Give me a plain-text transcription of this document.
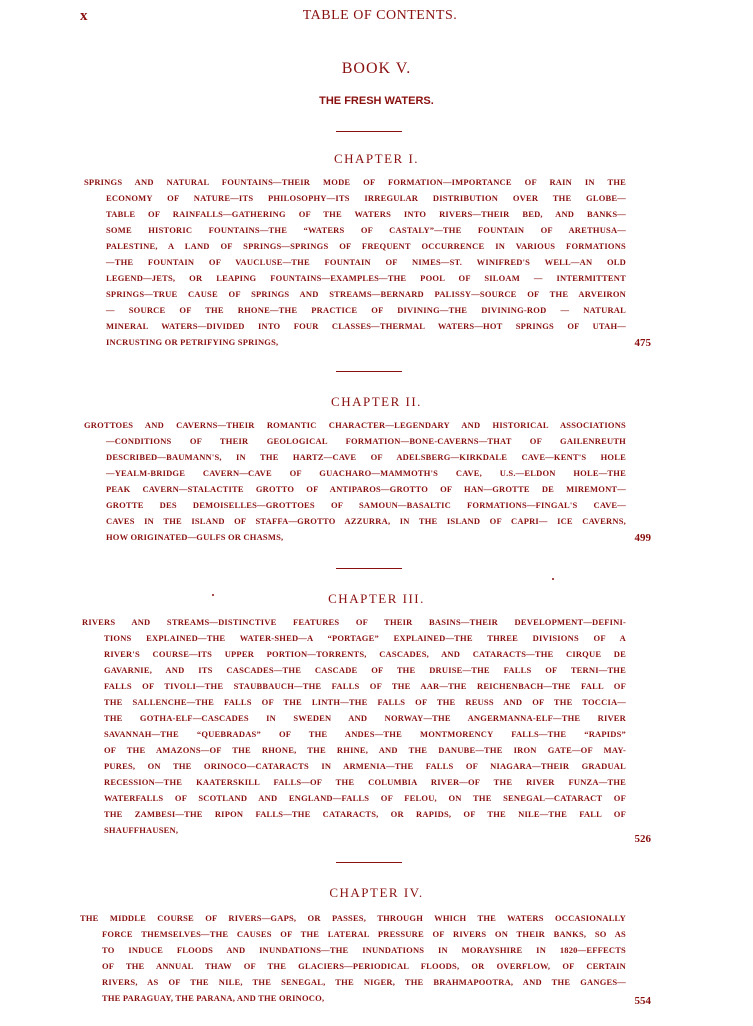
x	TABLE OF CONTENTS.
BOOK V.
THE FRESH WATERS.
CHAPTER I.
SPRINGS AND NATURAL FOUNTAINS—THEIR MODE OF FORMATION—IMPORTANCE OF RAIN IN THE
ECONOMY OF NATURE—ITS PHILOSOPHY—ITS IRREGULAR DISTRIBUTION OVER THE GLOBE—
TABLE OF RAINFALLS—GATHERING OF THE WATERS INTO RIVERS—THEIR BED, AND BANKS—
SOME HISTORIC FOUNTAINS—THE “WATERS OF CASTALY”—THE FOUNTAIN OF ARETHUSA—
PALESTINE, A LAND OF SPRINGS—SPRINGS OF FREQUENT OCCURRENCE IN VARIOUS FORMATIONS
—THE FOUNTAIN OF VAUCLUSE—THE FOUNTAIN OF NIMES—ST. WINIFRED'S WELL—AN OLD
LEGEND—JETS, OR LEAPING FOUNTAINS—EXAMPLES—THE POOL OF SILOAM — INTERMITTENT
SPRINGS—TRUE CAUSE OF SPRINGS AND STREAMS—BERNARD PALISSY—SOURCE OF THE ARVEIRON
— SOURCE OF THE RHONE—THE PRACTICE OF DIVINING—THE DIVINING-ROD — NATURAL
MINERAL WATERS—DIVIDED INTO FOUR CLASSES—THERMAL WATERS—HOT SPRINGS OF UTAH—
INCRUSTING OR PETRIFYING SPRINGS,	475
CHAPTER II.
GROTTOES AND CAVERNS—THEIR ROMANTIC CHARACTER—LEGENDARY AND HISTORICAL ASSOCIATIONS
—CONDITIONS OF THEIR GEOLOGICAL FORMATION—BONE-CAVERNS—THAT OF GAILENREUTH
DESCRIBED—BAUMANN'S, IN THE HARTZ—CAVE OF ADELSBERG—KIRKDALE CAVE—KENT'S HOLE
—YEALM-BRIDGE CAVERN—CAVE OF GUACHARO—MAMMOTH'S CAVE, U.S.—ELDON HOLE—THE
PEAK CAVERN—STALACTITE GROTTO OF ANTIPAROS—GROTTO OF HAN—GROTTE DE MIREMONT—
GROTTE DES DEMOISELLES—GROTTOES OF SAMOUN—BASALTIC FORMATIONS—FINGAL'S CAVE—
CAVES IN THE ISLAND OF STAFFA—GROTTO AZZURRA, IN THE ISLAND OF CAPRI— ICE CAVERNS,
HOW ORIGINATED—GULFS OR CHASMS,	499
CHAPTER III.
RIVERS AND STREAMS—DISTINCTIVE FEATURES OF THEIR BASINS—THEIR DEVELOPMENT—DEFINI-
TIONS EXPLAINED—THE WATER-SHED—A “PORTAGE” EXPLAINED—THE THREE DIVISIONS OF A
RIVER'S COURSE—ITS UPPER PORTION—TORRENTS, CASCADES, AND CATARACTS—THE CIRQUE DE
GAVARNIE, AND ITS CASCADES—THE CASCADE OF THE DRUISE—THE FALLS OF TERNI—THE
FALLS OF TIVOLI—THE STAUBBAUCH—THE FALLS OF THE AAR—THE REICHENBACH—THE FALL OF
THE SALLENCHE—THE FALLS OF THE LINTH—THE FALLS OF THE REUSS AND OF THE TOCCIA—
THE GOTHA-ELF—CASCADES IN SWEDEN AND NORWAY—THE ANGERMANNA-ELF—THE RIVER
SAVANNAH—THE “QUEBRADAS” OF THE ANDES—THE MONTMORENCY FALLS—THE “RAPIDS”
OF THE AMAZONS—OF THE RHONE, THE RHINE, AND THE DANUBE—THE IRON GATE—OF MAY-
PURES, ON THE ORINOCO—CATARACTS IN ARMENIA—THE FALLS OF NIAGARA—THEIR GRADUAL
RECESSION—THE KAATERSKILL FALLS—OF THE COLUMBIA RIVER—OF THE RIVER FUNZA—THE
WATERFALLS OF SCOTLAND AND ENGLAND—FALLS OF FELOU, ON THE SENEGAL—CATARACT OF
THE ZAMBESI—THE RIPON FALLS—THE CATARACTS, OR RAPIDS, OF THE NILE—THE FALL OF
SHAUFFHAUSEN,
526
CHAPTER IV.
THE MIDDLE COURSE OF RIVERS—GAPS, OR PASSES, THROUGH WHICH THE WATERS OCCASIONALLY
FORCE THEMSELVES—THE CAUSES OF THE LATERAL PRESSURE OF RIVERS ON THEIR BANKS, SO AS
TO INDUCE FLOODS AND INUNDATIONS—THE INUNDATIONS IN MORAYSHIRE IN 1820—EFFECTS
OF THE ANNUAL THAW OF THE GLACIERS—PERIODICAL FLOODS, OR OVERFLOW, OF CERTAIN
RIVERS, AS OF THE NILE, THE SENEGAL, THE NIGER, THE BRAHMAPOOTRA, AND THE GANGES—
THE PARAGUAY, THE PARANA, AND THE ORINOCO,	554
